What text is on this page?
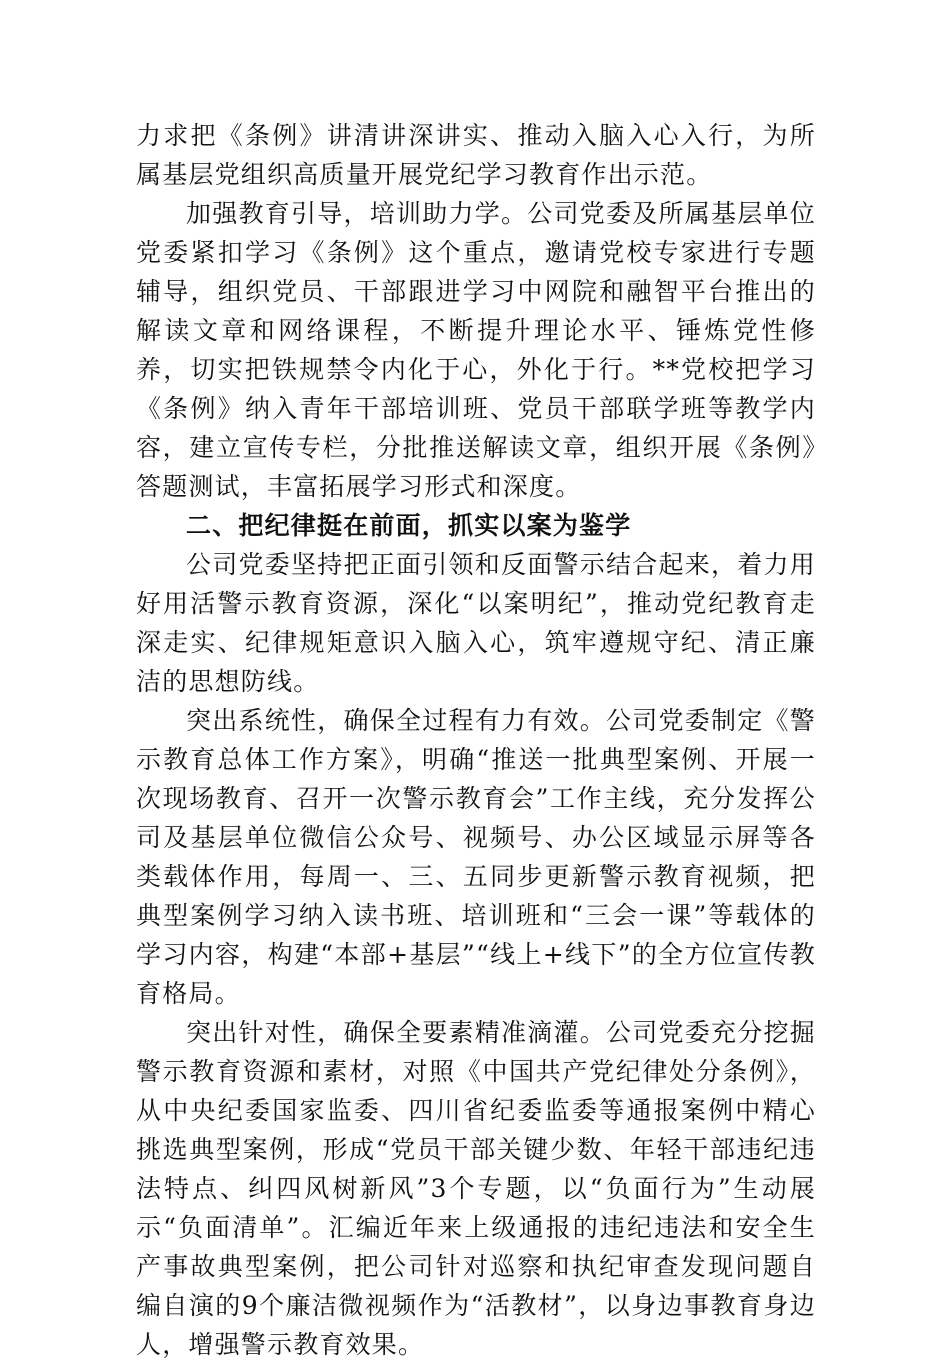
力求把《条例》讲清讲深讲实、推动入脑入心入行，为所属基层党组织高质量开展党纪学习教育作出示范。

加强教育引导，培训助力学。公司党委及所属基层单位党委紧扣学习《条例》这个重点，邀请党校专家进行专题辅导，组织党员、干部跟进学习中网院和融智平台推出的解读文章和网络课程，不断提升理论水平、锤炼党性修养，切实把铁规禁令内化于心，外化于行。**党校把学习《条例》纳入青年干部培训班、党员干部联学班等教学内容，建立宣传专栏，分批推送解读文章，组织开展《条例》答题测试，丰富拓展学习形式和深度。

二、把纪律挺在前面，抓实以案为鉴学

公司党委坚持把正面引领和反面警示结合起来，着力用好用活警示教育资源，深化“以案明纪”，推动党纪教育走深走实、纪律规矩意识入脑入心，筑牢遵规守纪、清正廉洁的思想防线。

突出系统性，确保全过程有力有效。公司党委制定《警示教育总体工作方案》，明确“推送一批典型案例、开展一次现场教育、召开一次警示教育会”工作主线，充分发挥公司及基层单位微信公众号、视频号、办公区域显示屏等各类载体作用，每周一、三、五同步更新警示教育视频，把典型案例学习纳入读书班、培训班和“三会一课”等载体的学习内容，构建“本部+基层”“线上+线下”的全方位宣传教育格局。

突出针对性，确保全要素精准滴灌。公司党委充分挖掘警示教育资源和素材，对照《中国共产党纪律处分条例》，从中央纪委国家监委、四川省纪委监委等通报案例中精心挑选典型案例，形成“党员干部关键少数、年轻干部违纪违法特点、纠四风树新风”3个专题，以“负面行为”生动展示“负面清单”。汇编近年来上级通报的违纪违法和安全生产事故典型案例，把公司针对巡察和执纪审查发现问题自编自演的9个廉洁微视频作为“活教材”，以身边事教育身边人，增强警示教育效果。
